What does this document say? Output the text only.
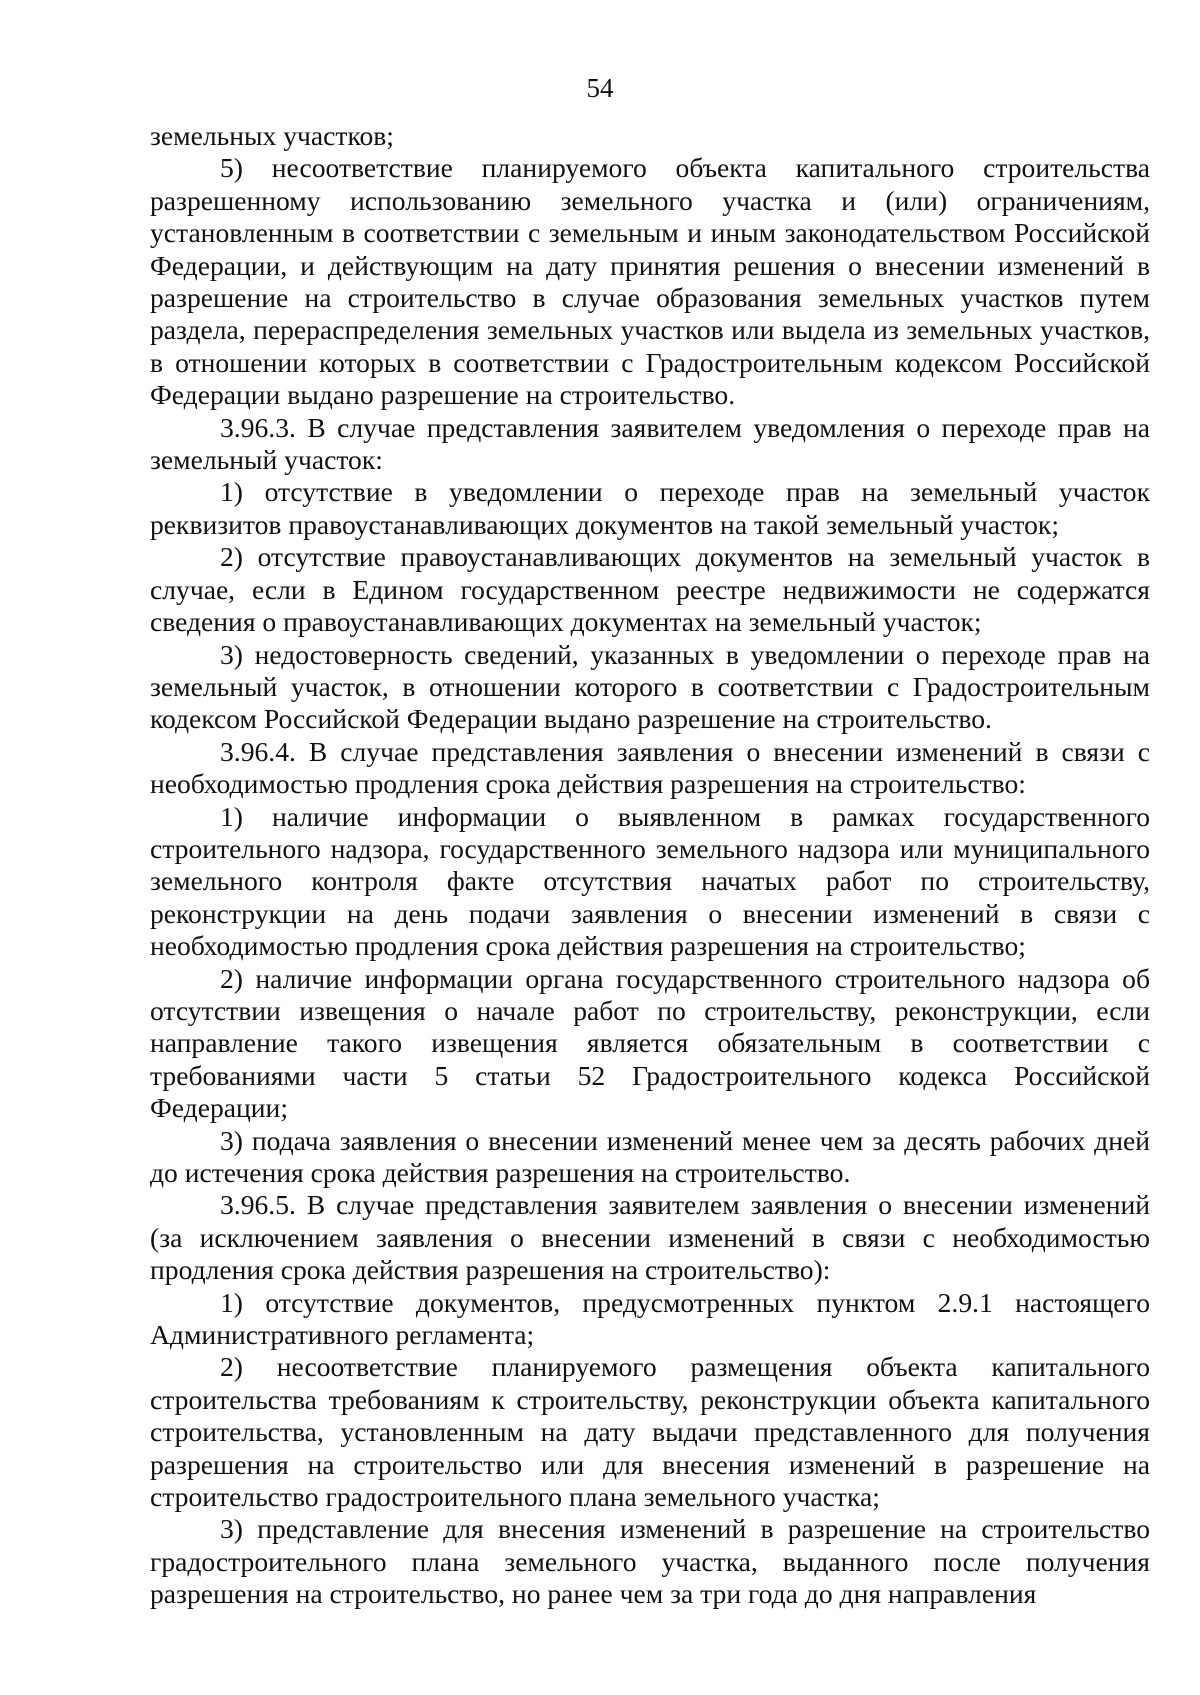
54

земельных участков;

5) несоответствие планируемого объекта капитального строительства разрешенному использованию земельного участка и (или) ограничениям, установленным в соответствии с земельным и иным законодательством Российской Федерации, и действующим на дату принятия решения о внесении изменений в разрешение на строительство в случае образования земельных участков путем раздела, перераспределения земельных участков или выдела из земельных участков, в отношении которых в соответствии с Градостроительным кодексом Российской Федерации выдано разрешение на строительство.

3.96.3. В случае представления заявителем уведомления о переходе прав на земельный участок:

1) отсутствие в уведомлении о переходе прав на земельный участок реквизитов правоустанавливающих документов на такой земельный участок;

2) отсутствие правоустанавливающих документов на земельный участок в случае, если в Едином государственном реестре недвижимости не содержатся сведения о правоустанавливающих документах на земельный участок;

3) недостоверность сведений, указанных в уведомлении о переходе прав на земельный участок, в отношении которого в соответствии с Градостроительным кодексом Российской Федерации выдано разрешение на строительство.

3.96.4. В случае представления заявления о внесении изменений в связи с необходимостью продления срока действия разрешения на строительство:

1) наличие информации о выявленном в рамках государственного строительного надзора, государственного земельного надзора или муниципального земельного контроля факте отсутствия начатых работ по строительству, реконструкции на день подачи заявления о внесении изменений в связи с необходимостью продления срока действия разрешения на строительство;

2) наличие информации органа государственного строительного надзора об отсутствии извещения о начале работ по строительству, реконструкции, если направление такого извещения является обязательным в соответствии с требованиями части 5 статьи 52 Градостроительного кодекса Российской Федерации;

3) подача заявления о внесении изменений менее чем за десять рабочих дней до истечения срока действия разрешения на строительство.

3.96.5. В случае представления заявителем заявления о внесении изменений (за исключением заявления о внесении изменений в связи с необходимостью продления срока действия разрешения на строительство):

1) отсутствие документов, предусмотренных пунктом 2.9.1 настоящего Административного регламента;

2) несоответствие планируемого размещения объекта капитального строительства требованиям к строительству, реконструкции объекта капитального строительства, установленным на дату выдачи представленного для получения разрешения на строительство или для внесения изменений в разрешение на строительство градостроительного плана земельного участка;

3) представление для внесения изменений в разрешение на строительство градостроительного плана земельного участка, выданного после получения разрешения на строительство, но ранее чем за три года до дня направления
